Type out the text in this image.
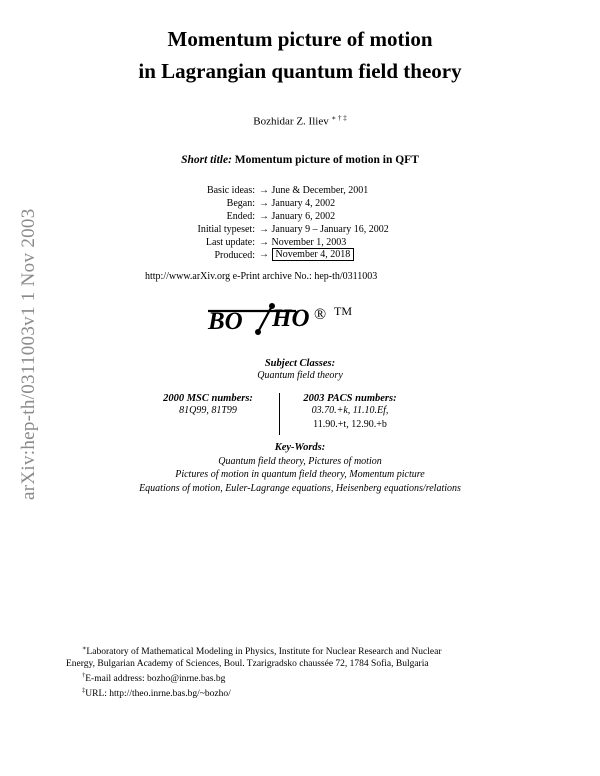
arXiv:hep-th/0311003v1 1 Nov 2003
Momentum picture of motion
in Lagrangian quantum field theory
Bozhidar Z. Iliev ∗ † ‡
Short title: Momentum picture of motion in QFT
Basic ideas: → June & December, 2001
Began: → January 4, 2002
Ended: → January 6, 2002
Initial typeset: → January 9 – January 16, 2002
Last update: → November 1, 2003
Produced: → November 4, 2018
http://www.arXiv.org e-Print archive No.: hep-th/0311003
BO HO ® TM
Subject Classes:
Quantum field theory
2000 MSC numbers:
81Q99, 81T99
2003 PACS numbers:
03.70.+k, 11.10.Ef,
11.90.+t, 12.90.+b
Key-Words:
Quantum field theory, Pictures of motion
Pictures of motion in quantum field theory, Momentum picture
Equations of motion, Euler-Lagrange equations, Heisenberg equations/relations
∗Laboratory of Mathematical Modeling in Physics, Institute for Nuclear Research and Nuclear
Energy, Bulgarian Academy of Sciences, Boul. Tzarigradsko chaussée 72, 1784 Sofia, Bulgaria
†E-mail address: bozho@inrne.bas.bg
‡URL: http://theo.inrne.bas.bg/~bozho/
